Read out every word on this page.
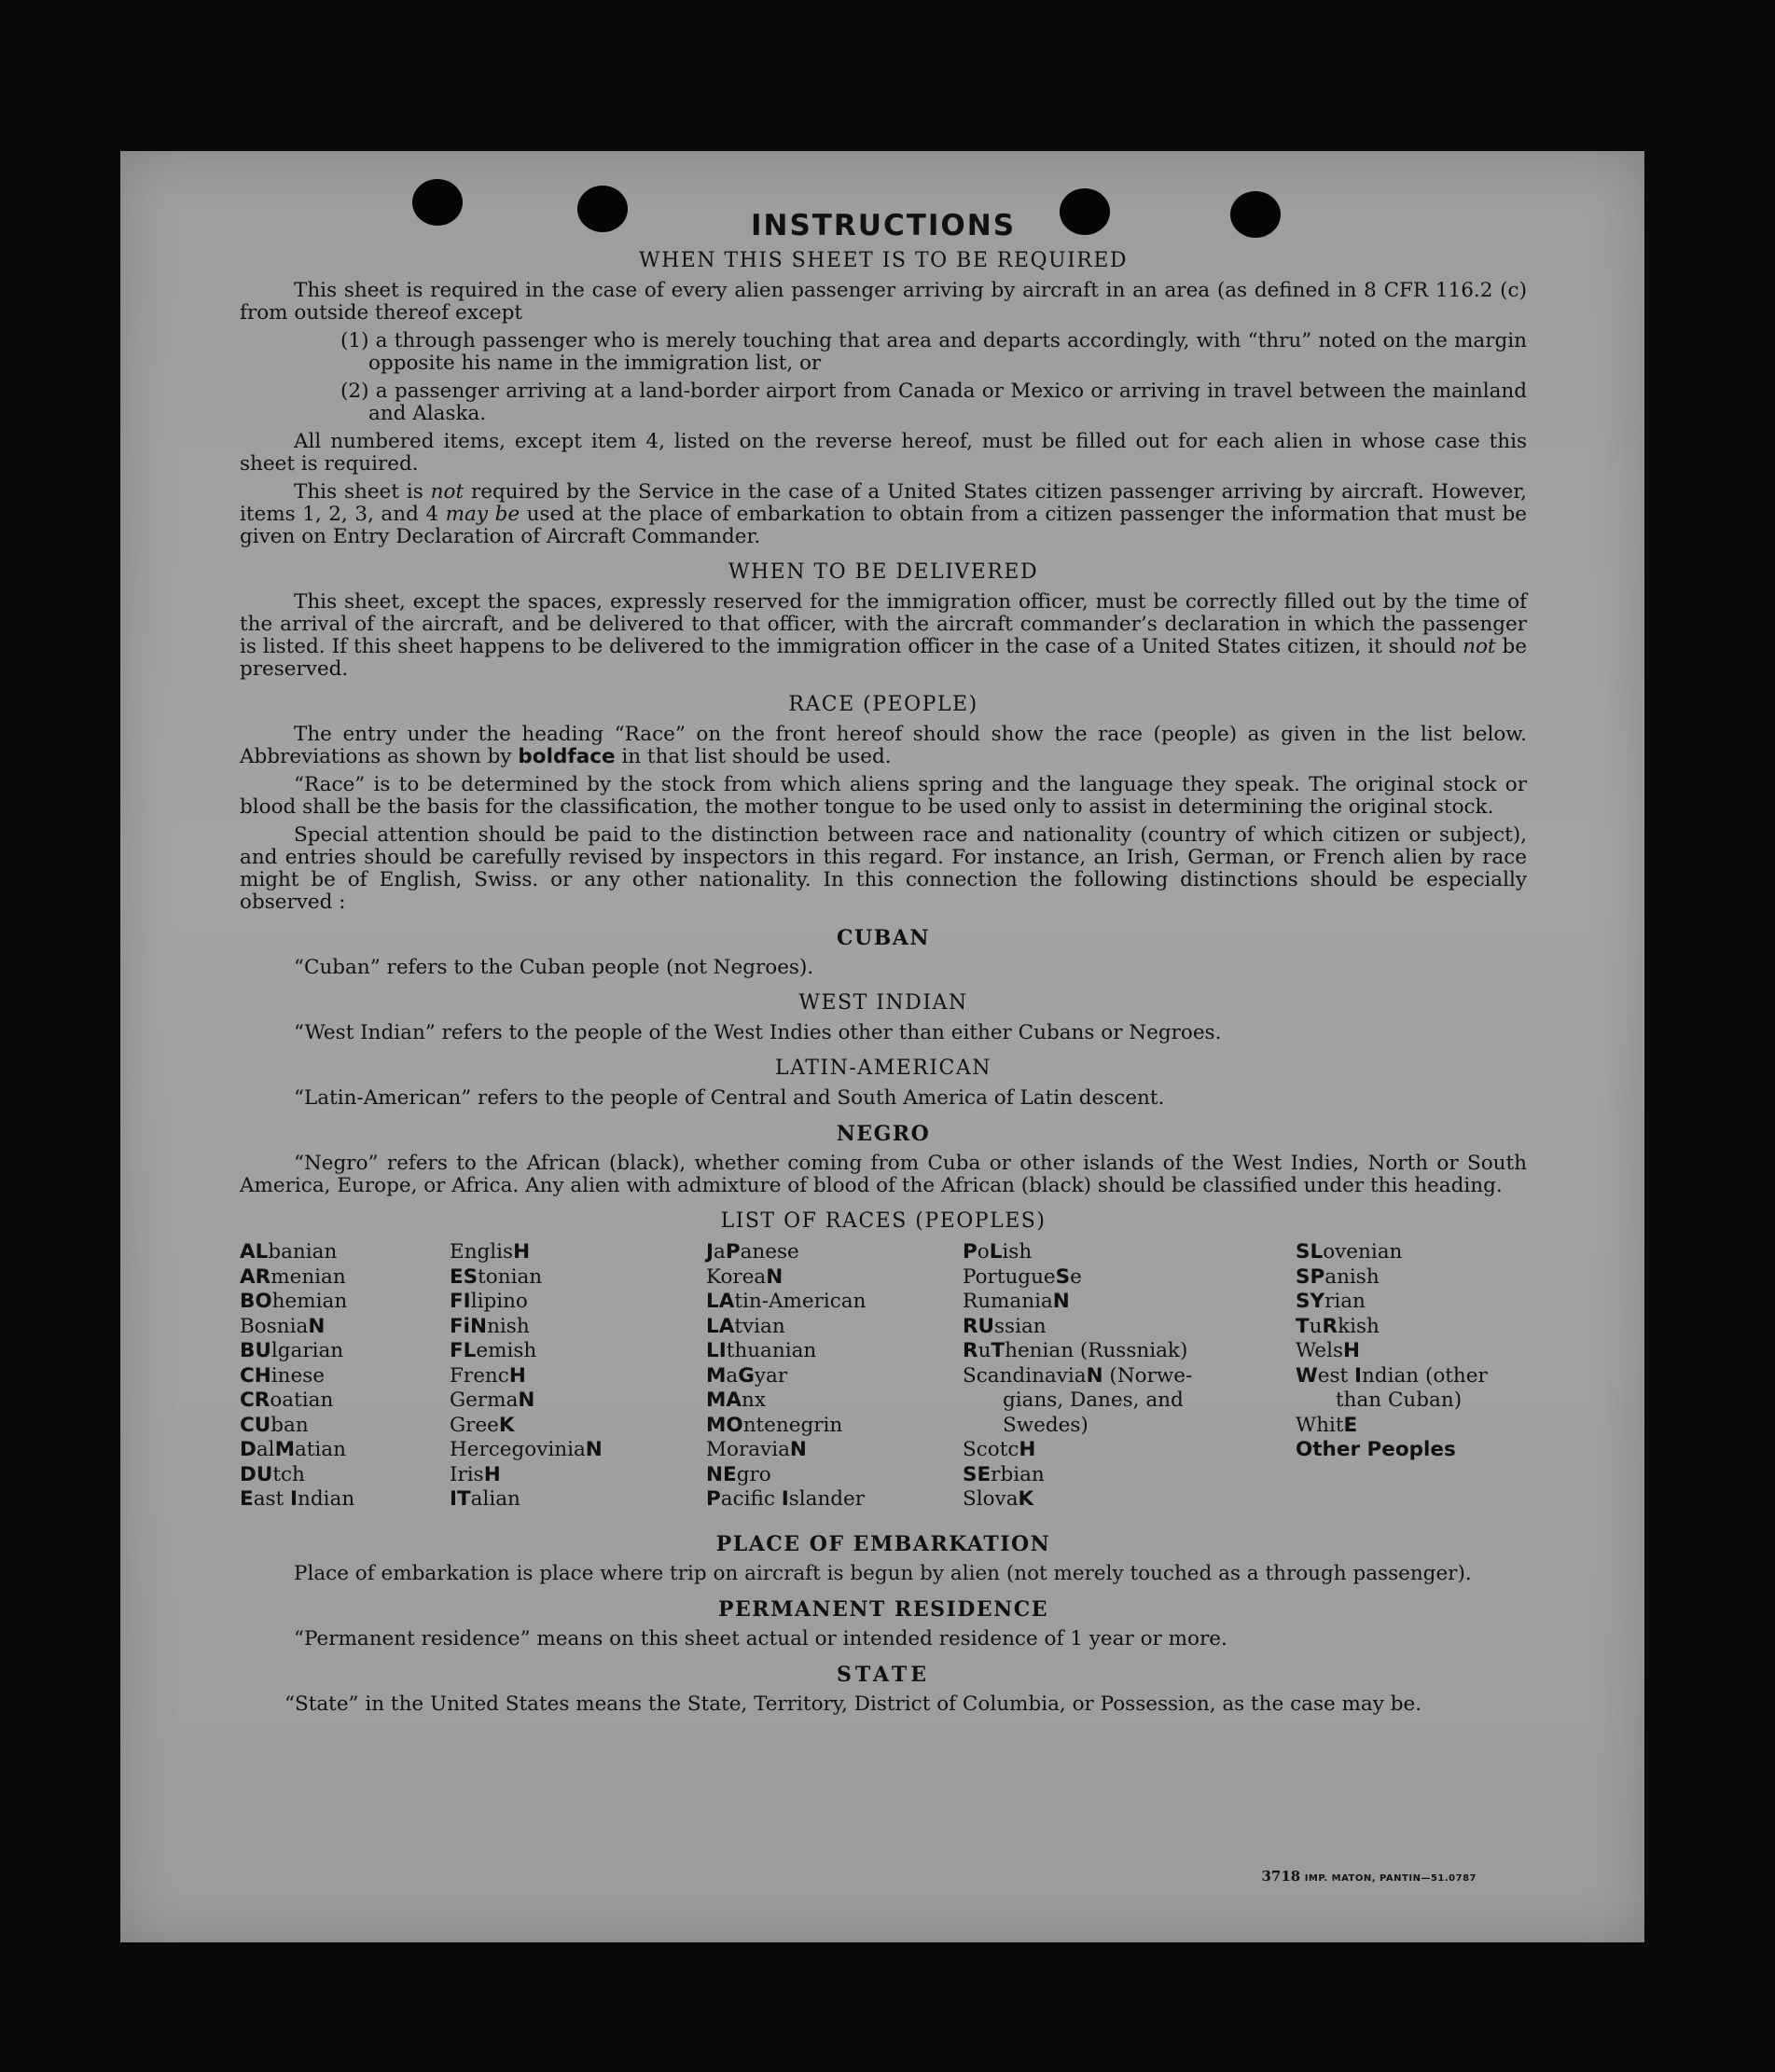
INSTRUCTIONS
WHEN THIS SHEET IS TO BE REQUIRED

This sheet is required in the case of every alien passenger arriving by aircraft in an area (as defined in 8 CFR 116.2 (c) from outside thereof except

(1) a through passenger who is merely touching that area and departs accordingly, with “thru” noted on the margin opposite his name in the immigration list, or
(2) a passenger arriving at a land-border airport from Canada or Mexico or arriving in travel between the mainland and Alaska.

All numbered items, except item 4, listed on the reverse hereof, must be filled out for each alien in whose case this sheet is required.

This sheet is not required by the Service in the case of a United States citizen passenger arriving by aircraft. However, items 1, 2, 3, and 4 may be used at the place of embarkation to obtain from a citizen passenger the information that must be given on Entry Declaration of Aircraft Commander.

WHEN TO BE DELIVERED

This sheet, except the spaces, expressly reserved for the immigration officer, must be correctly filled out by the time of the arrival of the aircraft, and be delivered to that officer, with the aircraft commander’s declaration in which the passenger is listed. If this sheet happens to be delivered to the immigration officer in the case of a United States citizen, it should not be preserved.

RACE (PEOPLE)

The entry under the heading “Race” on the front hereof should show the race (people) as given in the list below. Abbreviations as shown by boldface in that list should be used.

“Race” is to be determined by the stock from which aliens spring and the language they speak. The original stock or blood shall be the basis for the classification, the mother tongue to be used only to assist in determining the original stock.

Special attention should be paid to the distinction between race and nationality (country of which citizen or subject), and entries should be carefully revised by inspectors in this regard. For instance, an Irish, German, or French alien by race might be of English, Swiss. or any other nationality. In this connection the following distinctions should be especially observed :

CUBAN

“Cuban” refers to the Cuban people (not Negroes).

WEST INDIAN

“West Indian” refers to the people of the West Indies other than either Cubans or Negroes.

LATIN-AMERICAN

“Latin-American” refers to the people of Central and South America of Latin descent.

NEGRO

“Negro” refers to the African (black), whether coming from Cuba or other islands of the West Indies, North or South America, Europe, or Africa. Any alien with admixture of blood of the African (black) should be classified under this heading.

LIST OF RACES (PEOPLES)
ALbanian
ARmenian
BOhemian
BosniaN
BUlgarian
CHinese
CRoatian
CUban
DalMatian
DUtch
East Indian
EnglisH
EStonian
FIlipino
FiNnish
FLemish
FrencH
GermaN
GreeK
HercegoviniaN
IrisH
ITalian
JaPanese
KoreaN
LAtin-American
LAtvian
LIthuanian
MaGyar
MAnx
MOntenegrin
MoraviaN
NEgro
Pacific Islander
PoLish
PortugueSe
RumaniaN
RUssian
RuThenian (Russniak)
ScandinaviaN (Norwe-
  gians, Danes, and
  Swedes)
ScotcH
SErbian
SlovaK
SLovenian
SPanish
SYrian
TuRkish
WelsH
West Indian (other
  than Cuban)
WhitE
Other Peoples
PLACE OF EMBARKATION

Place of embarkation is place where trip on aircraft is begun by alien (not merely touched as a through passenger).

PERMANENT RESIDENCE

“Permanent residence” means on this sheet actual or intended residence of 1 year or more.

STATE

“State” in the United States means the State, Territory, District of Columbia, or Possession, as the case may be.

3718 IMP. MATON, PANTIN—51.0787
